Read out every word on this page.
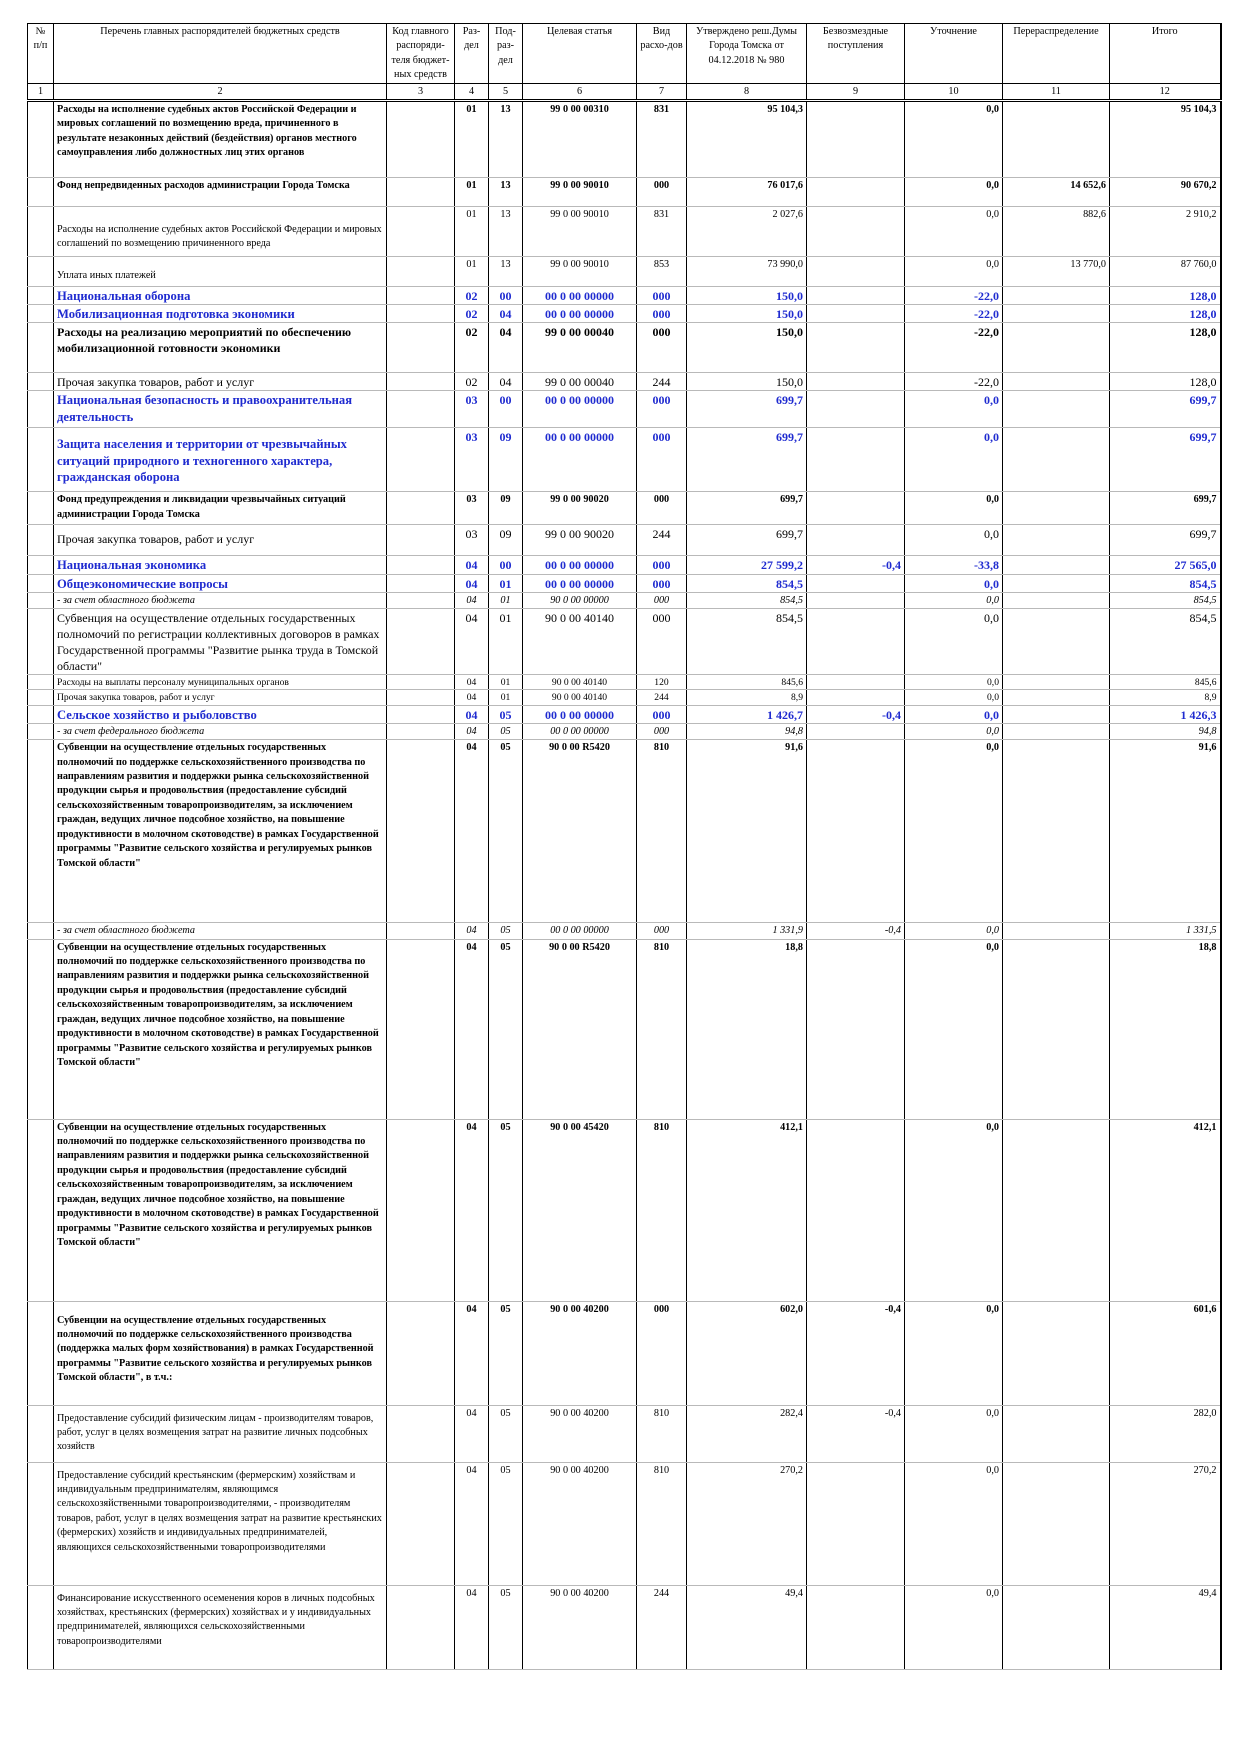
№ п/п	Перечень главных распорядителей бюджетных средств	Код главного распоряди-теля бюджет-ных средств	Раз-дел	Под-раз-дел	Целевая статья	Вид расхо-дов	Утверждено реш.Думы Города Томска от 04.12.2018 № 980	Безвозмездные поступления	Уточнение	Перераспределение	Итого
1	2	3	4	5	6	7	8	9	10	11	12
	Расходы на исполнение судебных актов Российской Федерации и мировых соглашений по возмещению вреда, причиненного в результате незаконных действий (бездействия) органов местного самоуправления либо должностных лиц этих органов		01	13	99 0 00 00310	831	95 104,3		0,0		95 104,3
	Фонд непредвиденных расходов администрации Города Томска		01	13	99 0 00 90010	000	76 017,6		0,0	14 652,6	90 670,2
	Расходы на исполнение судебных актов Российской Федерации и мировых соглашений по возмещению причиненного вреда		01	13	99 0 00 90010	831	2 027,6		0,0	882,6	2 910,2
	Уплата иных платежей		01	13	99 0 00 90010	853	73 990,0		0,0	13 770,0	87 760,0
	Национальная оборона		02	00	00 0 00 00000	000	150,0		-22,0		128,0
	Мобилизационная подготовка экономики		02	04	00 0 00 00000	000	150,0		-22,0		128,0
	Расходы на реализацию мероприятий по обеспечению мобилизационной готовности экономики		02	04	99 0 00 00040	000	150,0		-22,0		128,0
	Прочая закупка товаров, работ и услуг		02	04	99 0 00 00040	244	150,0		-22,0		128,0
	Национальная безопасность и правоохранительная деятельность		03	00	00 0 00 00000	000	699,7		0,0		699,7
	Защита населения и территории от чрезвычайных ситуаций природного и техногенного характера, гражданская оборона		03	09	00 0 00 00000	000	699,7		0,0		699,7
	Фонд предупреждения и ликвидации чрезвычайных ситуаций администрации Города Томска		03	09	99 0 00 90020	000	699,7		0,0		699,7
	Прочая закупка товаров, работ и услуг		03	09	99 0 00 90020	244	699,7		0,0		699,7
	Национальная экономика		04	00	00 0 00 00000	000	27 599,2	-0,4	-33,8		27 565,0
	Общеэкономические вопросы		04	01	00 0 00 00000	000	854,5		0,0		854,5
	- за счет областного бюджета		04	01	90 0 00 00000	000	854,5		0,0		854,5
	Субвенция на осуществление отдельных государственных полномочий по регистрации коллективных договоров в рамках Государственной программы "Развитие рынка труда в Томской области"		04	01	90 0 00 40140	000	854,5		0,0		854,5
	Расходы на выплаты персоналу муниципальных органов		04	01	90 0 00 40140	120	845,6		0,0		845,6
	Прочая закупка товаров, работ и услуг		04	01	90 0 00 40140	244	8,9		0,0		8,9
	Сельское хозяйство и рыболовство		04	05	00 0 00 00000	000	1 426,7	-0,4	0,0		1 426,3
	- за счет федерального бюджета		04	05	00 0 00 00000	000	94,8		0,0		94,8
	Субвенции на осуществление отдельных государственных полномочий по поддержке сельскохозяйственного производства по направлениям развития и поддержки рынка сельскохозяйственной продукции сырья и продовольствия (предоставление субсидий сельскохозяйственным товаропроизводителям, за исключением граждан, ведущих личное подсобное хозяйство, на повышение продуктивности в молочном скотоводстве) в рамках Государственной программы "Развитие сельского хозяйства и регулируемых рынков Томской области"		04	05	90 0 00 R5420	810	91,6		0,0		91,6
	- за счет областного бюджета		04	05	00 0 00 00000	000	1 331,9	-0,4	0,0		1 331,5
	Субвенции на осуществление отдельных государственных полномочий по поддержке сельскохозяйственного производства по направлениям развития и поддержки рынка сельскохозяйственной продукции сырья и продовольствия (предоставление субсидий сельскохозяйственным товаропроизводителям, за исключением граждан, ведущих личное подсобное хозяйство, на повышение продуктивности в молочном скотоводстве) в рамках Государственной программы "Развитие сельского хозяйства и регулируемых рынков Томской области"		04	05	90 0 00 R5420	810	18,8		0,0		18,8
	Субвенции на осуществление отдельных государственных полномочий по поддержке сельскохозяйственного производства по направлениям развития и поддержки рынка сельскохозяйственной продукции сырья и продовольствия (предоставление субсидий сельскохозяйственным товаропроизводителям, за исключением граждан, ведущих личное подсобное хозяйство, на повышение продуктивности в молочном скотоводстве) в рамках Государственной программы "Развитие сельского хозяйства и регулируемых рынков Томской области"		04	05	90 0 00 45420	810	412,1		0,0		412,1
	Субвенции на осуществление отдельных государственных полномочий по поддержке сельскохозяйственного производства (поддержка малых форм хозяйствования) в рамках Государственной программы "Развитие сельского хозяйства и регулируемых рынков Томской области", в т.ч.:		04	05	90 0 00 40200	000	602,0	-0,4	0,0		601,6
	Предоставление субсидий физическим лицам - производителям товаров, работ, услуг в целях возмещения затрат на развитие личных подсобных хозяйств		04	05	90 0 00 40200	810	282,4	-0,4	0,0		282,0
	Предоставление субсидий крестьянским (фермерским) хозяйствам и индивидуальным предпринимателям, являющимся сельскохозяйственными товаропроизводителями, - производителям товаров, работ, услуг в целях возмещения затрат на развитие крестьянских (фермерских) хозяйств и индивидуальных предпринимателей, являющихся сельскохозяйственными товаропроизводителями		04	05	90 0 00 40200	810	270,2		0,0		270,2
	Финансирование искусственного осеменения коров в личных подсобных хозяйствах, крестьянских (фермерских) хозяйствах и у индивидуальных предпринимателей, являющихся сельскохозяйственными товаропроизводителями		04	05	90 0 00 40200	244	49,4		0,0		49,4
